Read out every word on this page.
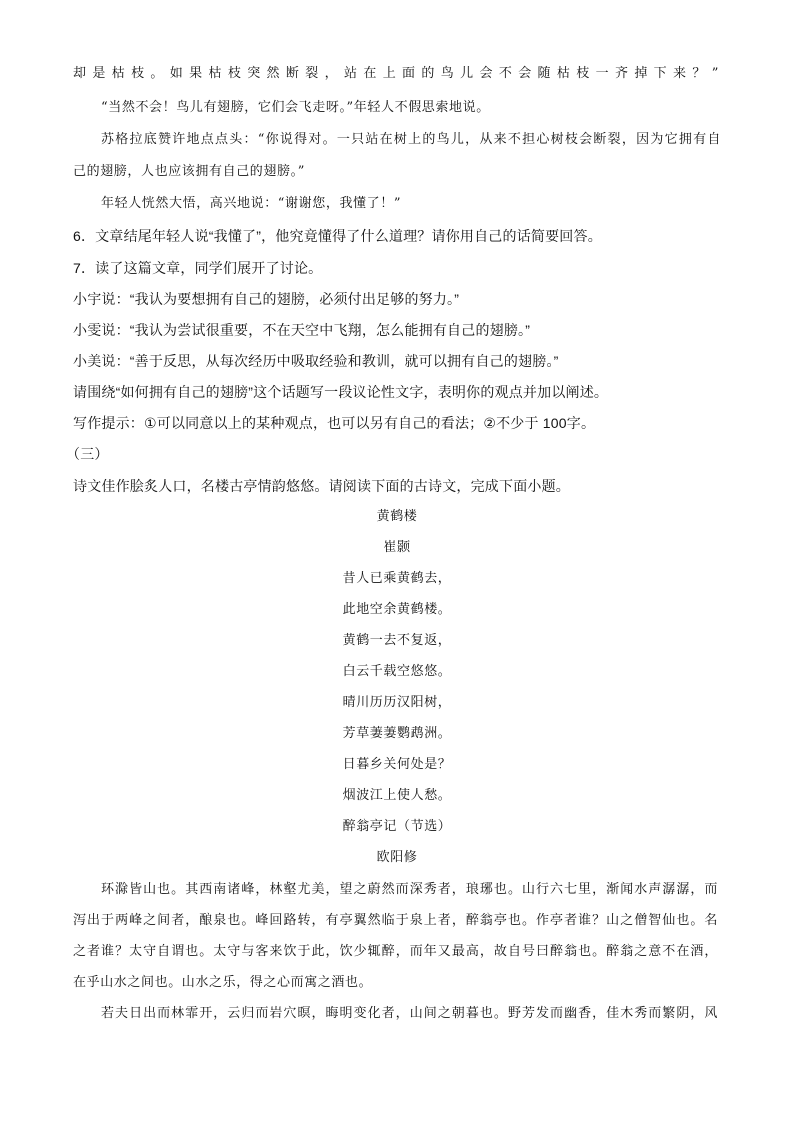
却是枯枝。如果枯枝突然断裂，站在上面的鸟儿会不会随枯枝一齐掉下来？”
“当然不会！鸟儿有翅膀，它们会飞走呀。”年轻人不假思索地说。
苏格拉底赞许地点点头：“你说得对。一只站在树上的鸟儿，从来不担心树枝会断裂，因为它拥有自
己的翅膀，人也应该拥有自己的翅膀。”
年轻人恍然大悟，高兴地说：“谢谢您，我懂了！”
6．文章结尾年轻人说“我懂了”，他究竟懂得了什么道理？请你用自己的话简要回答。
7．读了这篇文章，同学们展开了讨论。
小宇说：“我认为要想拥有自己的翅膀，必须付出足够的努力。”
小雯说：“我认为尝试很重要，不在天空中飞翔，怎么能拥有自己的翅膀。”
小美说：“善于反思，从每次经历中吸取经验和教训，就可以拥有自己的翅膀。”
请围绕“如何拥有自己的翅膀”这个话题写一段议论性文字，表明你的观点并加以阐述。
写作提示：①可以同意以上的某种观点，也可以另有自己的看法；②不少于 100字。
（三）
诗文佳作脍炙人口，名楼古亭情韵悠悠。请阅读下面的古诗文，完成下面小题。
黄鹤楼
崔颢
昔人已乘黄鹤去，
此地空余黄鹤楼。
黄鹤一去不复返，
白云千载空悠悠。
晴川历历汉阳树，
芳草萋萋鹦鹉洲。
日暮乡关何处是？
烟波江上使人愁。
醉翁亭记（节选）
欧阳修
环滁皆山也。其西南诸峰，林壑尤美，望之蔚然而深秀者，琅琊也。山行六七里，渐闻水声潺潺，而
泻出于两峰之间者，酿泉也。峰回路转，有亭翼然临于泉上者，醉翁亭也。作亭者谁？山之僧智仙也。名
之者谁？太守自谓也。太守与客来饮于此，饮少辄醉，而年又最高，故自号曰醉翁也。醉翁之意不在酒，
在乎山水之间也。山水之乐，得之心而寓之酒也。
若夫日出而林霏开，云归而岩穴暝，晦明变化者，山间之朝暮也。野芳发而幽香，佳木秀而繁阴，风
